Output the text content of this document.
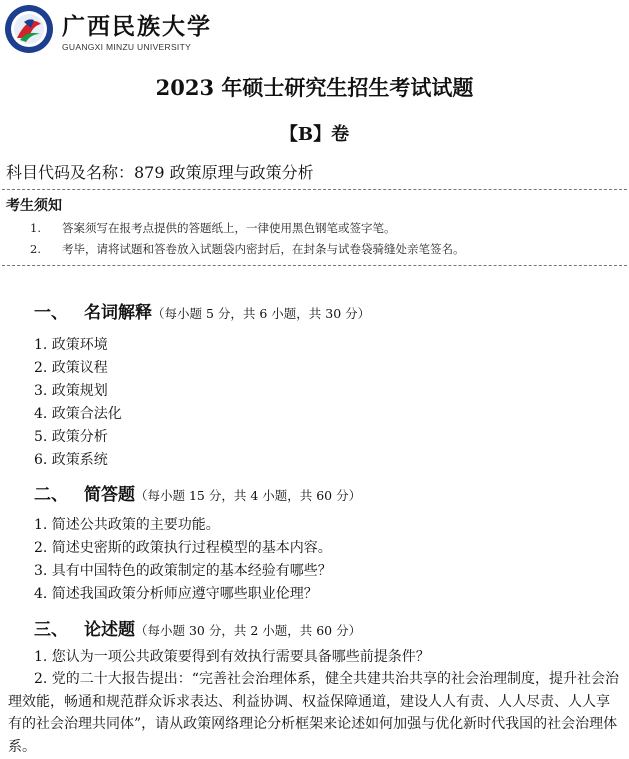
广西民族大学
GUANGXI MINZU UNIVERSITY
2023 年硕士研究生招生考试试题
【B】卷
科目代码及名称：879 政策原理与政策分析
考生须知
1. 答案须写在报考点提供的答题纸上，一律使用黑色钢笔或签字笔。
2. 考毕，请将试题和答卷放入试题袋内密封后，在封条与试卷袋骑缝处亲笔签名。
一、 名词解释（每小题 5 分，共 6 小题，共 30 分）
1. 政策环境
2. 政策议程
3. 政策规划
4. 政策合法化
5. 政策分析
6. 政策系统
二、 简答题（每小题 15 分，共 4 小题，共 60 分）
1. 简述公共政策的主要功能。
2. 简述史密斯的政策执行过程模型的基本内容。
3. 具有中国特色的政策制定的基本经验有哪些？
4. 简述我国政策分析师应遵守哪些职业伦理？
三、 论述题（每小题 30 分，共 2 小题，共 60 分）
1. 您认为一项公共政策要得到有效执行需要具备哪些前提条件？
2. 党的二十大报告提出：“完善社会治理体系，健全共建共治共享的社会治理制度，提升社会治理效能，畅通和规范群众诉求表达、利益协调、权益保障通道，建设人人有责、人人尽责、人人享有的社会治理共同体”，请从政策网络理论分析框架来论述如何加强与优化新时代我国的社会治理体系。
